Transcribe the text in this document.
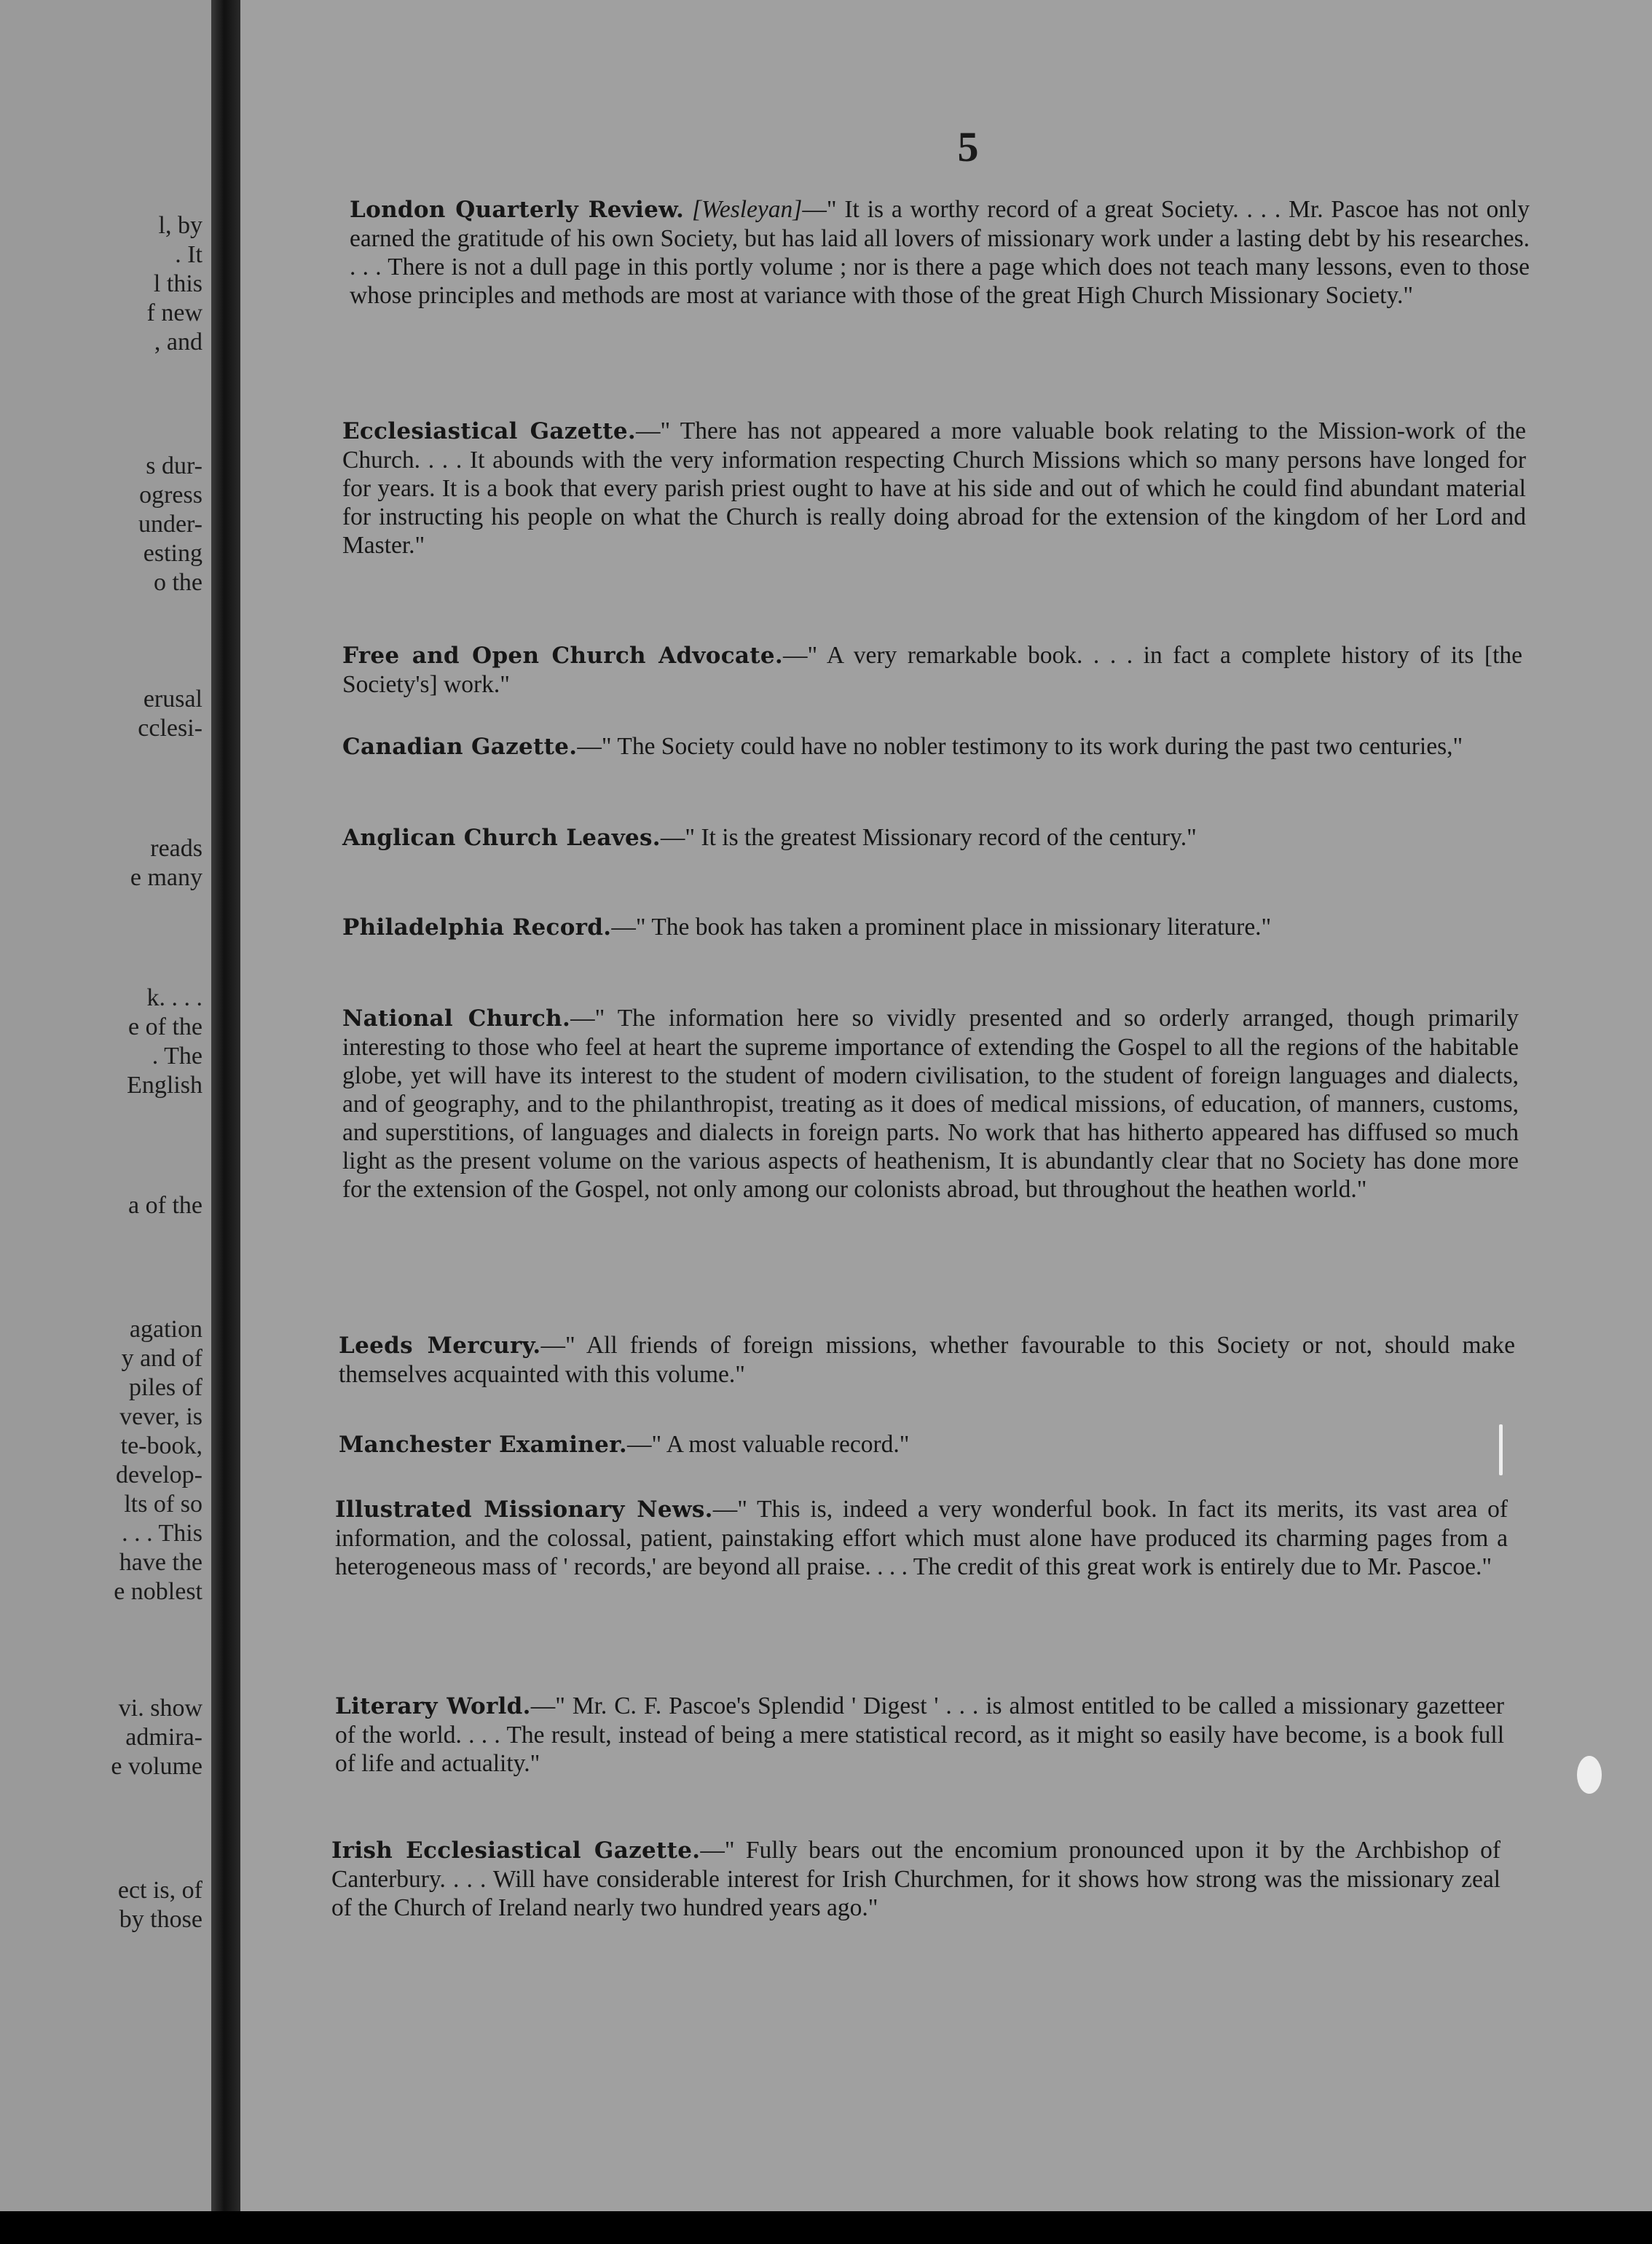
l, by
. It
l this
f new
, and
s dur-
ogress
under-
esting
o the
erusal
cclesi-
reads
e many
k. . . .
e of the
. The
English
a of the
agation
y and of
piles of
vever, is
te-book,
develop-
lts of so
. . . This
have the
e noblest
vi. show
admira-
e volume
ect is, of
by those
5
London Quarterly Review. [Wesleyan]—" It is a worthy record of a great Society. . . . Mr. Pascoe has not only earned the gratitude of his own Society, but has laid all lovers of missionary work under a lasting debt by his researches. . . . There is not a dull page in this portly volume ; nor is there a page which does not teach many lessons, even to those whose principles and methods are most at variance with those of the great High Church Missionary Society."
Ecclesiastical Gazette.—" There has not appeared a more valuable book relating to the Mission-work of the Church. . . . It abounds with the very information respecting Church Missions which so many persons have longed for for years. It is a book that every parish priest ought to have at his side and out of which he could find abundant material for instructing his people on what the Church is really doing abroad for the extension of the kingdom of her Lord and Master."
Free and Open Church Advocate.—" A very remarkable book. . . . in fact a complete history of its [the Society's] work."
Canadian Gazette.—" The Society could have no nobler testimony to its work during the past two centuries,"
Anglican Church Leaves.—" It is the greatest Missionary record of the century."
Philadelphia Record.—" The book has taken a prominent place in missionary literature."
National Church.—" The information here so vividly presented and so orderly arranged, though primarily interesting to those who feel at heart the supreme importance of extending the Gospel to all the regions of the habitable globe, yet will have its interest to the student of modern civilisation, to the student of foreign languages and dialects, and of geography, and to the philanthropist, treating as it does of medical missions, of education, of manners, customs, and superstitions, of languages and dialects in foreign parts. No work that has hitherto appeared has diffused so much light as the present volume on the various aspects of heathenism, It is abundantly clear that no Society has done more for the extension of the Gospel, not only among our colonists abroad, but throughout the heathen world."
Leeds Mercury.—" All friends of foreign missions, whether favourable to this Society or not, should make themselves acquainted with this volume."
Manchester Examiner.—" A most valuable record."
Illustrated Missionary News.—" This is, indeed a very wonderful book. In fact its merits, its vast area of information, and the colossal, patient, painstaking effort which must alone have produced its charming pages from a heterogeneous mass of ' records,' are beyond all praise. . . . The credit of this great work is entirely due to Mr. Pascoe."
Literary World.—" Mr. C. F. Pascoe's Splendid ' Digest ' . . . is almost entitled to be called a missionary gazetteer of the world. . . . The result, instead of being a mere statistical record, as it might so easily have become, is a book full of life and actuality."
Irish Ecclesiastical Gazette.—" Fully bears out the encomium pronounced upon it by the Archbishop of Canterbury. . . . Will have considerable interest for Irish Churchmen, for it shows how strong was the missionary zeal of the Church of Ireland nearly two hundred years ago."
